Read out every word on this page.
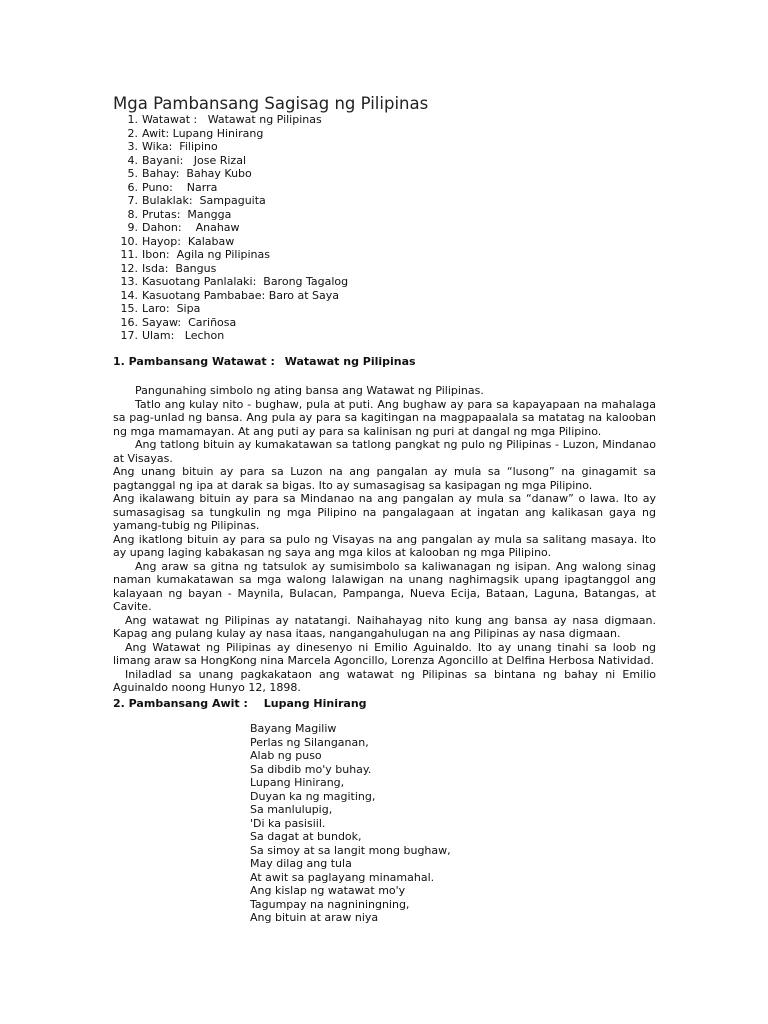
Mga Pambansang Sagisag ng Pilipinas
1. Watawat :   Watawat ng Pilipinas
2. Awit: Lupang Hinirang
3. Wika:  Filipino
4. Bayani:   Jose Rizal
5. Bahay:  Bahay Kubo
6. Puno:    Narra
7. Bulaklak:  Sampaguita
8. Prutas:  Mangga
9. Dahon:    Anahaw
10. Hayop:  Kalabaw
11. Ibon:  Agila ng Pilipinas
12. Isda:  Bangus
13. Kasuotang Panlalaki:  Barong Tagalog
14. Kasuotang Pambabae: Baro at Saya
15. Laro:  Sipa
16. Sayaw:  Cariñosa
17. Ulam:   Lechon
1. Pambansang Watawat : Watawat ng Pilipinas

Pangunahing simbolo ng ating bansa ang Watawat ng Pilipinas.

Tatlo ang kulay nito - bughaw, pula at puti. Ang bughaw ay para sa kapayapaan na mahalaga sa pag-unlad ng bansa. Ang pula ay para sa kagitingan na magpapaalala sa matatag na kalooban ng mga mamamayan. At ang puti ay para sa kalinisan ng puri at dangal ng mga Pilipino.

Ang tatlong bituin ay kumakatawan sa tatlong pangkat ng pulo ng Pilipinas - Luzon, Mindanao at Visayas.

Ang unang bituin ay para sa Luzon na ang pangalan ay mula sa “lusong” na ginagamit sa pagtanggal ng ipa at darak sa bigas. Ito ay sumasagisag sa kasipagan ng mga Pilipino.

Ang ikalawang bituin ay para sa Mindanao na ang pangalan ay mula sa “danaw” o lawa. Ito ay sumasagisag sa tungkulin ng mga Pilipino na pangalagaan at ingatan ang kalikasan gaya ng yamang-tubig ng Pilipinas.

Ang ikatlong bituin ay para sa pulo ng Visayas na ang pangalan ay mula sa salitang masaya. Ito ay upang laging kabakasan ng saya ang mga kilos at kalooban ng mga Pilipino.

Ang araw sa gitna ng tatsulok ay sumisimbolo sa kaliwanagan ng isipan. Ang walong sinag naman kumakatawan sa mga walong lalawigan na unang naghimagsik upang ipagtanggol ang kalayaan ng bayan - Maynila, Bulacan, Pampanga, Nueva Ecija, Bataan, Laguna, Batangas, at Cavite.

Ang watawat ng Pilipinas ay natatangi. Naihahayag nito kung ang bansa ay nasa digmaan. Kapag ang pulang kulay ay nasa itaas, nangangahulugan na ang Pilipinas ay nasa digmaan.

Ang Watawat ng Pilipinas ay dinesenyo ni Emilio Aguinaldo. Ito ay unang tinahi sa loob ng limang araw sa HongKong nina Marcela Agoncillo, Lorenza Agoncillo at Delfina Herbosa Natividad.

Iniladlad sa unang pagkakataon ang watawat ng Pilipinas sa bintana ng bahay ni Emilio Aguinaldo noong Hunyo 12, 1898.

2. Pambansang Awit : Lupang Hinirang
Bayang Magiliw
Perlas ng Silanganan,
Alab ng puso
Sa dibdib mo'y buhay.
Lupang Hinirang,
Duyan ka ng magiting,
Sa manlulupig,
'Di ka pasisiil.
Sa dagat at bundok,
Sa simoy at sa langit mong bughaw,
May dilag ang tula
At awit sa paglayang minamahal.
Ang kislap ng watawat mo'y
Tagumpay na nagniningning,
Ang bituin at araw niya
